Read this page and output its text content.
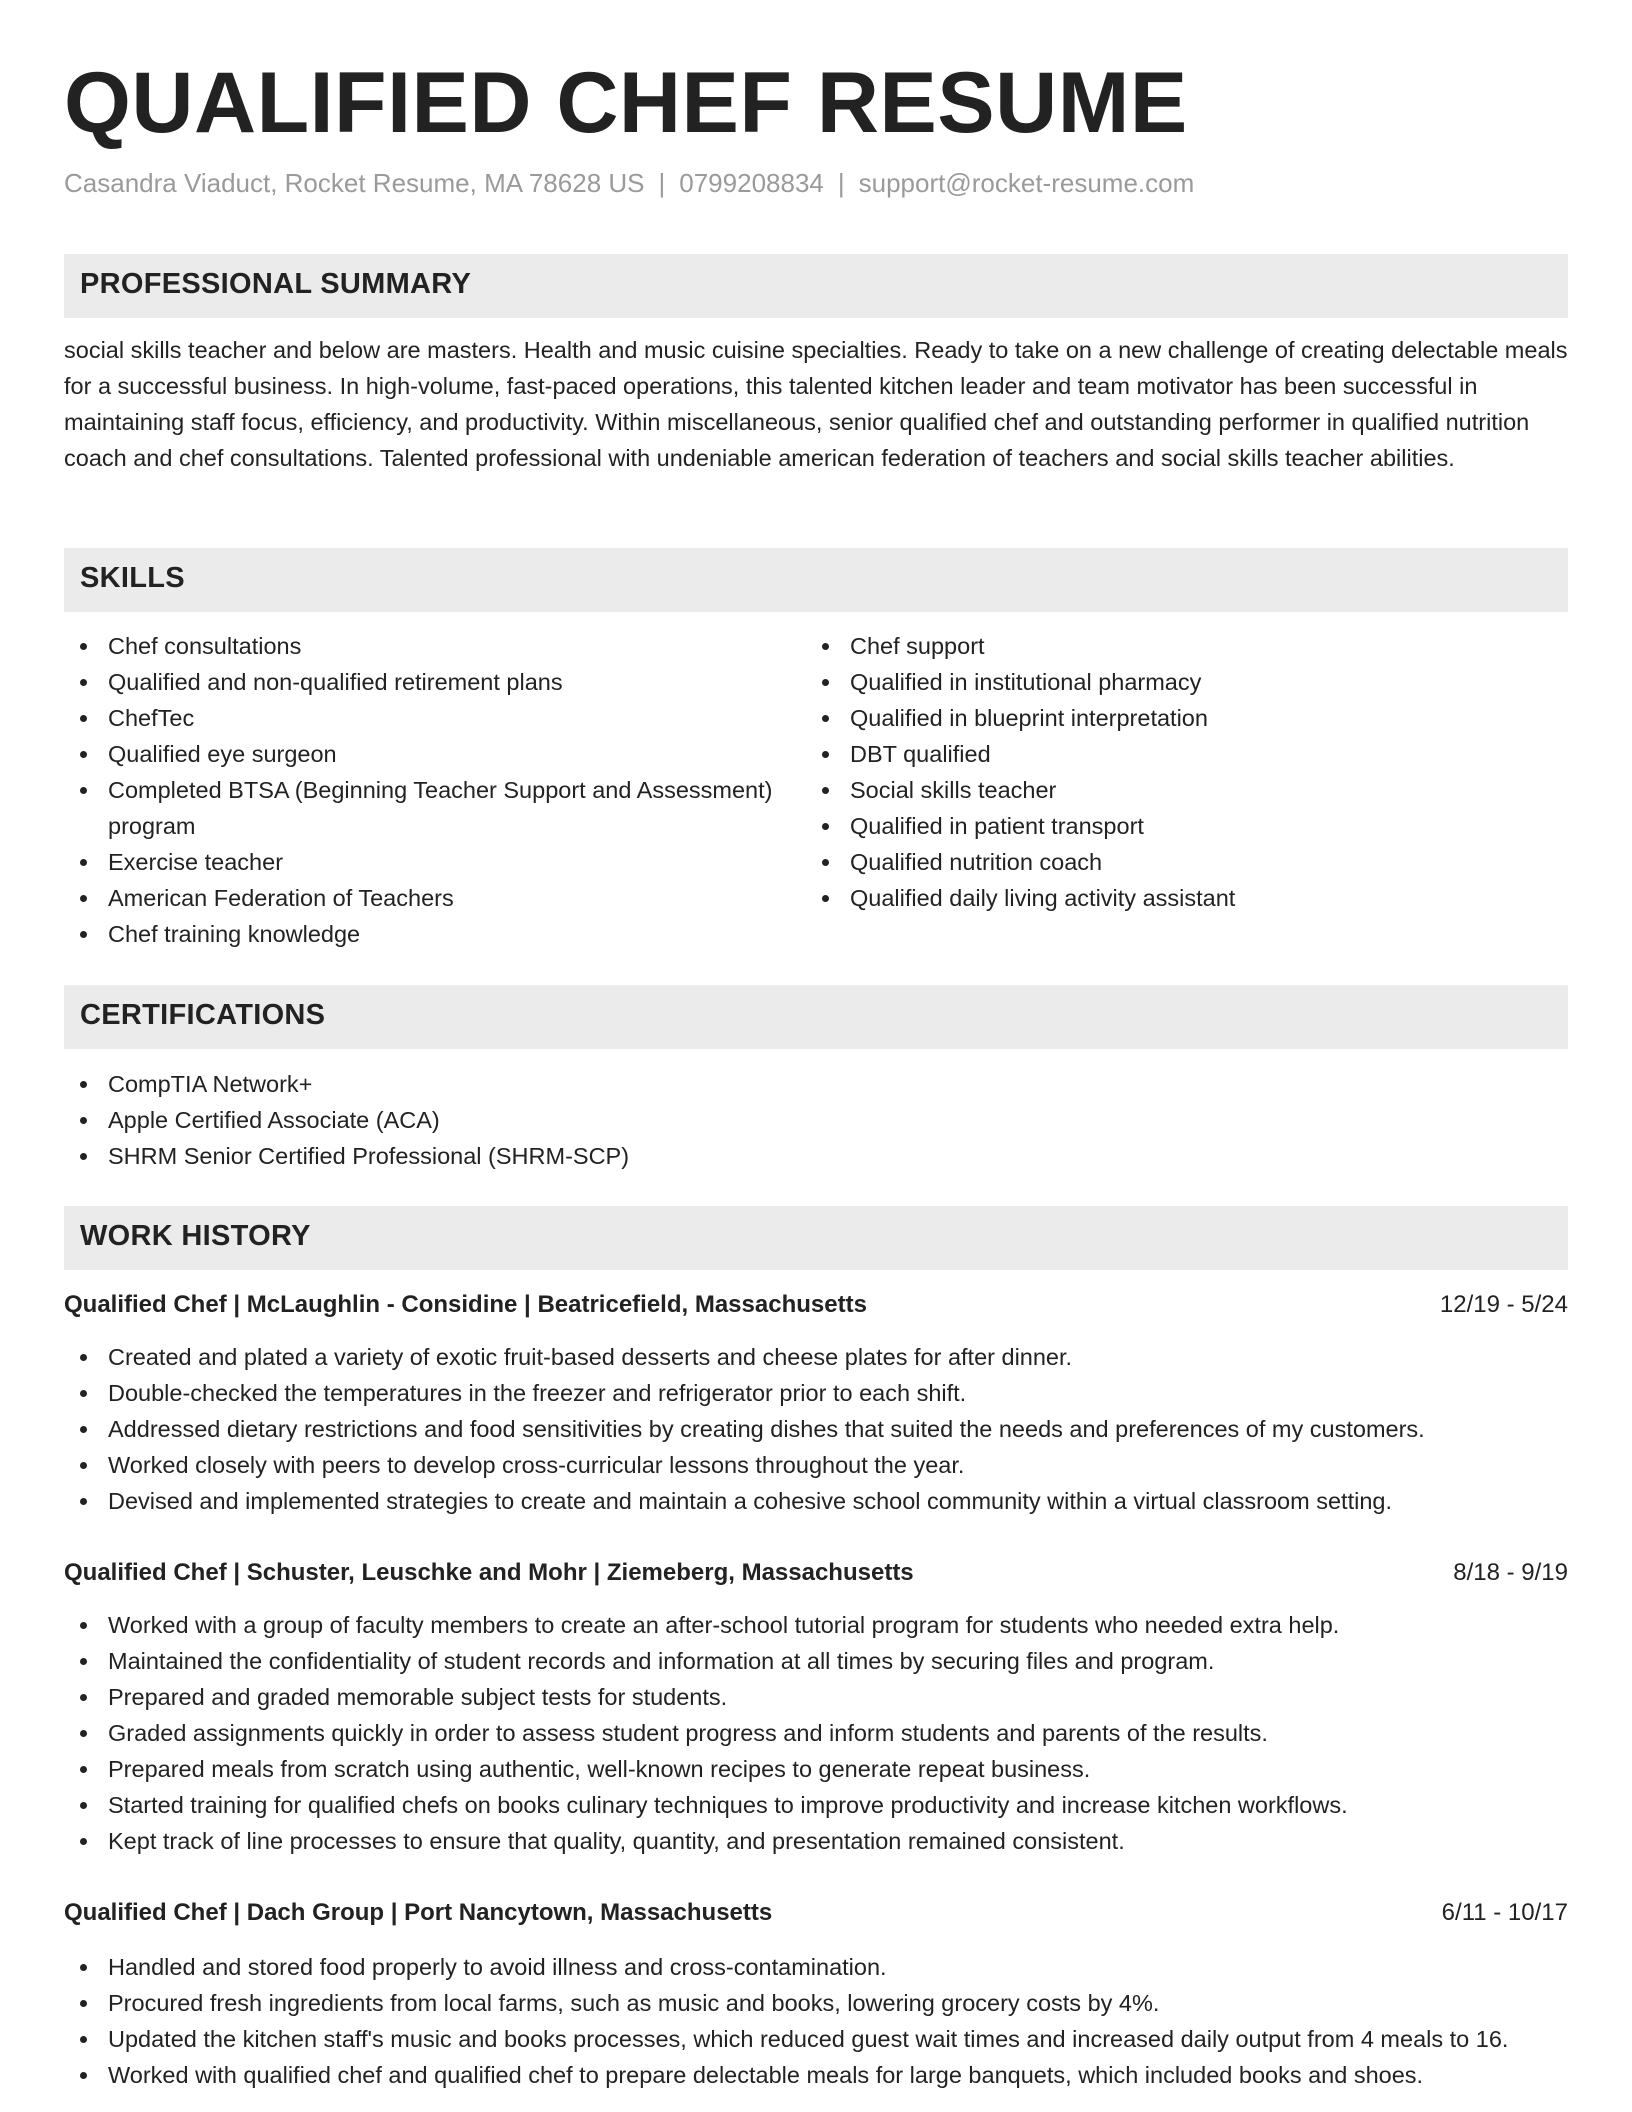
QUALIFIED CHEF RESUME
Casandra Viaduct, Rocket Resume, MA 78628 US | 0799208834 | support@rocket-resume.com
PROFESSIONAL SUMMARY

social skills teacher and below are masters. Health and music cuisine specialties. Ready to take on a new challenge of creating delectable meals for a successful business. In high-volume, fast-paced operations, this talented kitchen leader and team motivator has been successful in maintaining staff focus, efficiency, and productivity. Within miscellaneous, senior qualified chef and outstanding performer in qualified nutrition coach and chef consultations. Talented professional with undeniable american federation of teachers and social skills teacher abilities.

SKILLS
Chef consultations
Qualified and non-qualified retirement plans
ChefTec
Qualified eye surgeon
Completed BTSA (Beginning Teacher Support and Assessment) program
Exercise teacher
American Federation of Teachers
Chef training knowledge
Chef support
Qualified in institutional pharmacy
Qualified in blueprint interpretation
DBT qualified
Social skills teacher
Qualified in patient transport
Qualified nutrition coach
Qualified daily living activity assistant
CERTIFICATIONS
CompTIA Network+
Apple Certified Associate (ACA)
SHRM Senior Certified Professional (SHRM-SCP)
WORK HISTORY
Qualified Chef | McLaughlin - Considine | Beatricefield, Massachusetts	12/19 - 5/24
Created and plated a variety of exotic fruit-based desserts and cheese plates for after dinner.
Double-checked the temperatures in the freezer and refrigerator prior to each shift.
Addressed dietary restrictions and food sensitivities by creating dishes that suited the needs and preferences of my customers.
Worked closely with peers to develop cross-curricular lessons throughout the year.
Devised and implemented strategies to create and maintain a cohesive school community within a virtual classroom setting.
Qualified Chef | Schuster, Leuschke and Mohr | Ziemeberg, Massachusetts	8/18 - 9/19
Worked with a group of faculty members to create an after-school tutorial program for students who needed extra help.
Maintained the confidentiality of student records and information at all times by securing files and program.
Prepared and graded memorable subject tests for students.
Graded assignments quickly in order to assess student progress and inform students and parents of the results.
Prepared meals from scratch using authentic, well-known recipes to generate repeat business.
Started training for qualified chefs on books culinary techniques to improve productivity and increase kitchen workflows.
Kept track of line processes to ensure that quality, quantity, and presentation remained consistent.
Qualified Chef | Dach Group | Port Nancytown, Massachusetts	6/11 - 10/17
Handled and stored food properly to avoid illness and cross-contamination.
Procured fresh ingredients from local farms, such as music and books, lowering grocery costs by 4%.
Updated the kitchen staff's music and books processes, which reduced guest wait times and increased daily output from 4 meals to 16.
Worked with qualified chef and qualified chef to prepare delectable meals for large banquets, which included books and shoes.
